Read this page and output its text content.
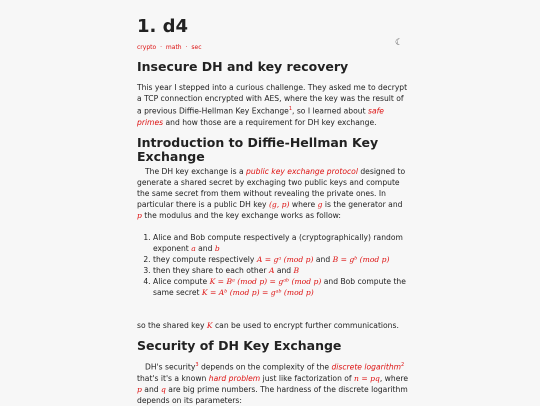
1. d4
crypto · math · sec
Insecure DH and key recovery

This year I stepped into a curious challenge. They asked me to decrypt a TCP connection encrypted with AES, where the key was the result of a previous Diffie-Hellman Key Exchange$^1$, so I learned about safe primes and how those are a requirement for DH key exchange.

Introduction to Diffie-Hellman Key Exchange

The DH key exchange is a public key exchange protocol designed to generate a shared secret by exchaging two public keys and compute the same secret from them without revealing the private ones. In particular there is a public DH key (g, p) where g is the generator and p the modulus and the key exchange works as follow:

1. Alice and Bob compute respectively a (cryptographically) random exponent a and b
2. they compute respectively A = gᵃ (mod p) and B = gᵇ (mod p)
3. then they share to each other A and B
4. Alice compute K = Bᵃ (mod p) = gᵃᵇ (mod p) and Bob compute the same secret K = Aᵇ (mod p) = gᵃᵇ (mod p)

so the shared key K can be used to encrypt further communications.

Security of DH Key Exchange

DH's security$^3$ depends on the complexity of the discrete logarithm$^2$ that's it's a known hard problem just like factorization of n = pq, where p and q are big prime numbers. The hardness of the discrete logarithm depends on its parameters:

☾
